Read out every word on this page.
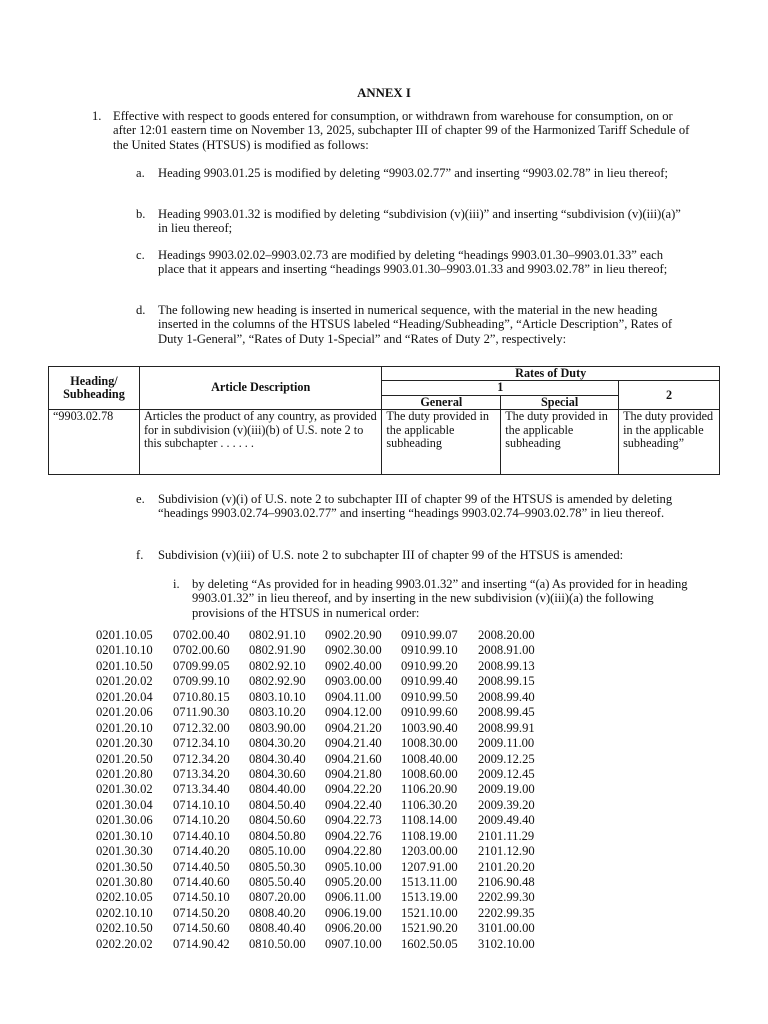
ANNEX I
1. Effective with respect to goods entered for consumption, or withdrawn from warehouse for consumption, on or after 12:01 eastern time on November 13, 2025, subchapter III of chapter 99 of the Harmonized Tariff Schedule of the United States (HTSUS) is modified as follows:
a. Heading 9903.01.25 is modified by deleting “9903.02.77” and inserting “9903.02.78” in lieu thereof;
b. Heading 9903.01.32 is modified by deleting “subdivision (v)(iii)” and inserting “subdivision (v)(iii)(a)” in lieu thereof;
c. Headings 9903.02.02–9903.02.73 are modified by deleting “headings 9903.01.30–9903.01.33” each place that it appears and inserting “headings 9903.01.30–9903.01.33 and 9903.02.78” in lieu thereof;
d. The following new heading is inserted in numerical sequence, with the material in the new heading inserted in the columns of the HTSUS labeled “Heading/Subheading”, “Article Description”, Rates of Duty 1-General”, “Rates of Duty 1-Special” and “Rates of Duty 2”, respectively:
Heading/ Subheading	Article Description	Rates of Duty		
		1		2
		General	Special	
“9903.02.78	Articles the product of any country, as provided for in subdivision (v)(iii)(b) of U.S. note 2 to this subchapter . . . . . .	The duty provided in the applicable subheading	The duty provided in the applicable subheading	The duty provided in the applicable subheading”
e. Subdivision (v)(i) of U.S. note 2 to subchapter III of chapter 99 of the HTSUS is amended by deleting “headings 9903.02.74–9903.02.77” and inserting “headings 9903.02.74–9903.02.78” in lieu thereof.
f. Subdivision (v)(iii) of U.S. note 2 to subchapter III of chapter 99 of the HTSUS is amended:
i. by deleting “As provided for in heading 9903.01.32” and inserting “(a) As provided for in heading 9903.01.32” in lieu thereof, and by inserting in the new subdivision (v)(iii)(a) the following provisions of the HTSUS in numerical order:
0201.10.05	0702.00.40	0802.91.10	0902.20.90	0910.99.07	2008.20.00
0201.10.10	0702.00.60	0802.91.90	0902.30.00	0910.99.10	2008.91.00
0201.10.50	0709.99.05	0802.92.10	0902.40.00	0910.99.20	2008.99.13
0201.20.02	0709.99.10	0802.92.90	0903.00.00	0910.99.40	2008.99.15
0201.20.04	0710.80.15	0803.10.10	0904.11.00	0910.99.50	2008.99.40
0201.20.06	0711.90.30	0803.10.20	0904.12.00	0910.99.60	2008.99.45
0201.20.10	0712.32.00	0803.90.00	0904.21.20	1003.90.40	2008.99.91
0201.20.30	0712.34.10	0804.30.20	0904.21.40	1008.30.00	2009.11.00
0201.20.50	0712.34.20	0804.30.40	0904.21.60	1008.40.00	2009.12.25
0201.20.80	0713.34.20	0804.30.60	0904.21.80	1008.60.00	2009.12.45
0201.30.02	0713.34.40	0804.40.00	0904.22.20	1106.20.90	2009.19.00
0201.30.04	0714.10.10	0804.50.40	0904.22.40	1106.30.20	2009.39.20
0201.30.06	0714.10.20	0804.50.60	0904.22.73	1108.14.00	2009.49.40
0201.30.10	0714.40.10	0804.50.80	0904.22.76	1108.19.00	2101.11.29
0201.30.30	0714.40.20	0805.10.00	0904.22.80	1203.00.00	2101.12.90
0201.30.50	0714.40.50	0805.50.30	0905.10.00	1207.91.00	2101.20.20
0201.30.80	0714.40.60	0805.50.40	0905.20.00	1513.11.00	2106.90.48
0202.10.05	0714.50.10	0807.20.00	0906.11.00	1513.19.00	2202.99.30
0202.10.10	0714.50.20	0808.40.20	0906.19.00	1521.10.00	2202.99.35
0202.10.50	0714.50.60	0808.40.40	0906.20.00	1521.90.20	3101.00.00
0202.20.02	0714.90.42	0810.50.00	0907.10.00	1602.50.05	3102.10.00
